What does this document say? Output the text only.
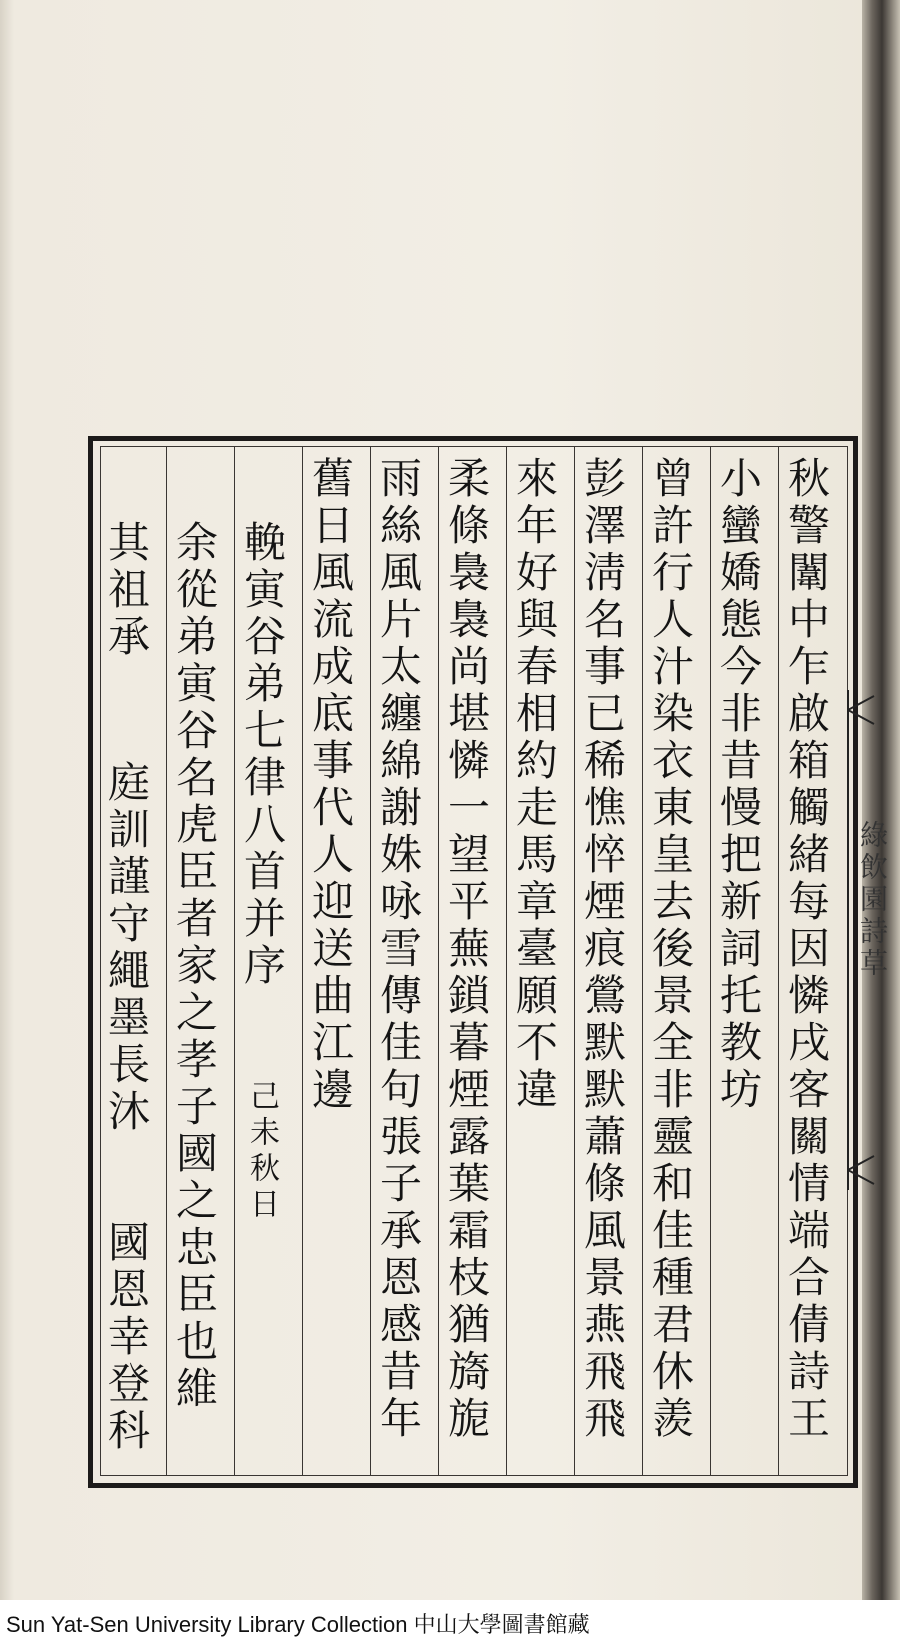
綠飲園詩草
秋警闈中乍啟箱觸緒每因憐戌客關情端合倩詩王
小蠻嬌態今非昔慢把新詞托教坊
曾許行人汁染衣東皇去後景全非靈和佳種君休羨
彭澤淸名事已稀憔悴煙痕鶯默默蕭條風景燕飛飛
來年好與春相約走馬章臺願不違
柔條裊裊尚堪憐一望平蕪鎖暮煙露葉霜枝猶旖旎
雨絲風片太纏綿謝姝咏雪傳佳句張子承恩感昔年
舊日風流成底事代人迎送曲江邊
輓寅谷弟七律八首并序
己未秋日
余從弟寅谷名虎臣者家之孝子國之忠臣也維
其祖承
庭訓謹守繩墨長沐
國恩幸登科
Sun Yat-Sen University Library Collection 中山大學圖書館藏
